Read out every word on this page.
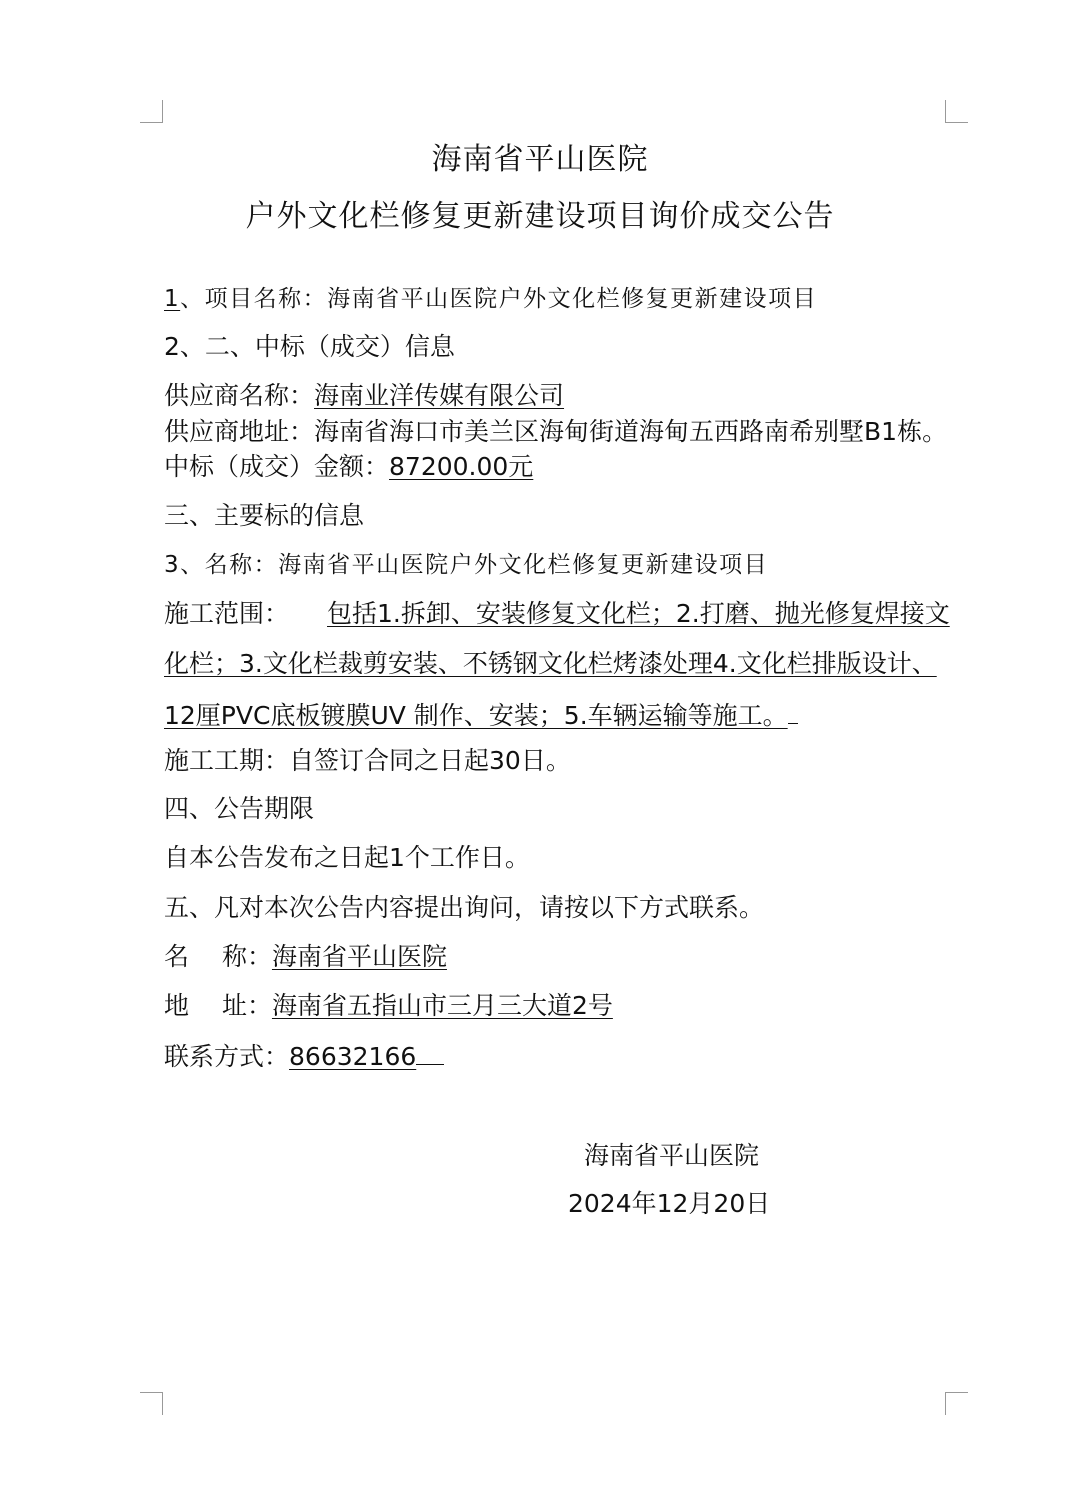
海南省平山医院
户外文化栏修复更新建设项目询价成交公告
1、项目名称：海南省平山医院户外文化栏修复更新建设项目
2、二、中标（成交）信息
供应商名称：海南业洋传媒有限公司
供应商地址：海南省海口市美兰区海甸街道海甸五西路南希别墅B1栋。
中标（成交）金额：87200.00元
三、主要标的信息
3、名称：海南省平山医院户外文化栏修复更新建设项目
施工范围： 包括1.拆卸、安装修复文化栏；2.打磨、抛光修复焊接文
化栏；3.文化栏裁剪安装、不锈钢文化栏烤漆处理4.文化栏排版设计、
12厘PVC底板镀膜UV 制作、安装；5.车辆运输等施工。
施工工期：自签订合同之日起30日。
四、公告期限
自本公告发布之日起1个工作日。
五、凡对本次公告内容提出询问，请按以下方式联系。
名　 称：海南省平山医院
地　 址：海南省五指山市三月三大道2号
联系方式：86632166
海南省平山医院
2024年12月20日
